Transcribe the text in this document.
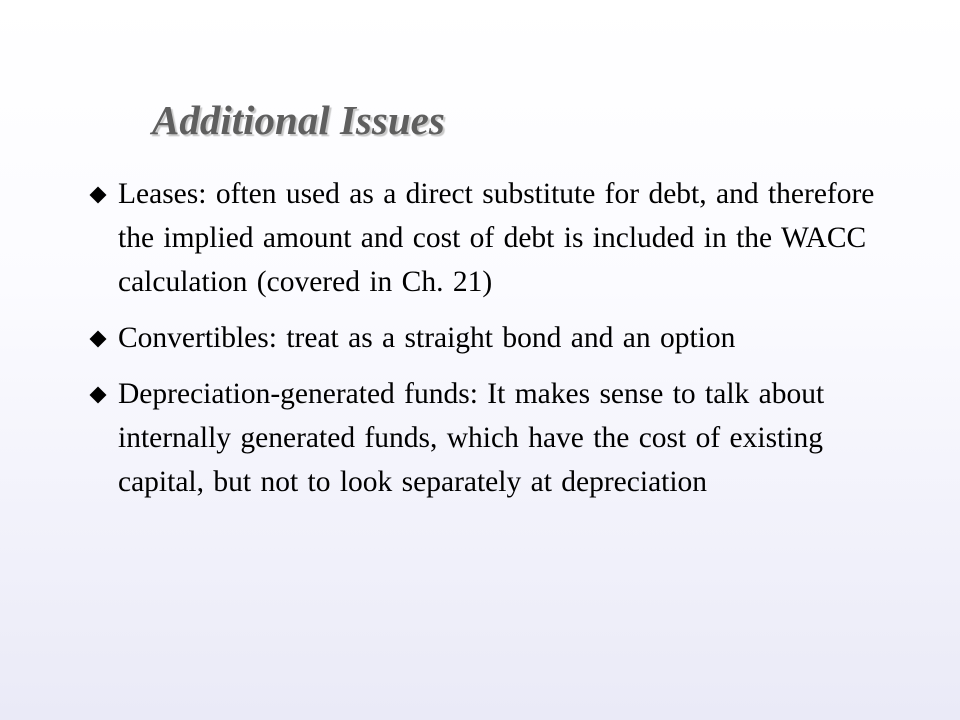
Additional Issues
Leases: often used as a direct substitute for debt, and therefore the implied amount and cost of debt is included in the WACC calculation (covered in Ch. 21)
Convertibles: treat as a straight bond and an option
Depreciation-generated funds: It makes sense to talk about internally generated funds, which have the cost of existing capital, but not to look separately at depreciation
